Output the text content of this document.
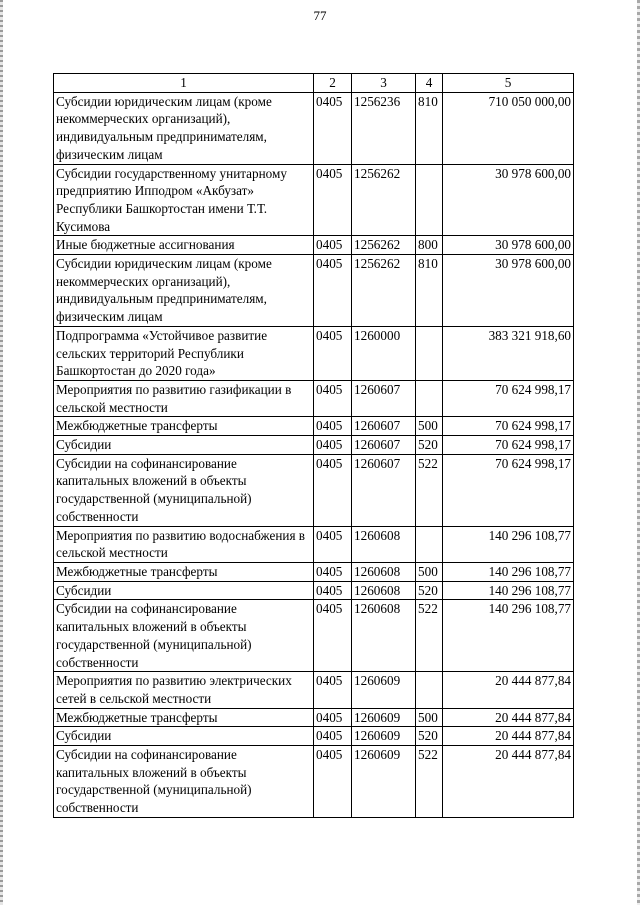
77
1	2	3	4	5
Субсидии юридическим лицам (кроме некоммерческих организаций), индивидуальным предпринимателям, физическим лицам	0405	1256236	810	710 050 000,00
Субсидии государственному унитарному предприятию Ипподром «Акбузат» Республики Башкортостан имени Т.Т. Кусимова	0405	1256262		30 978 600,00
Иные бюджетные ассигнования	0405	1256262	800	30 978 600,00
Субсидии юридическим лицам (кроме некоммерческих организаций), индивидуальным предпринимателям, физическим лицам	0405	1256262	810	30 978 600,00
Подпрограмма «Устойчивое развитие сельских территорий Республики Башкортостан до 2020 года»	0405	1260000		383 321 918,60
Мероприятия по развитию газификации в сельской местности	0405	1260607		70 624 998,17
Межбюджетные трансферты	0405	1260607	500	70 624 998,17
Субсидии	0405	1260607	520	70 624 998,17
Субсидии на софинансирование капитальных вложений в объекты государственной (муниципальной) собственности	0405	1260607	522	70 624 998,17
Мероприятия по развитию водоснабжения в сельской местности	0405	1260608		140 296 108,77
Межбюджетные трансферты	0405	1260608	500	140 296 108,77
Субсидии	0405	1260608	520	140 296 108,77
Субсидии на софинансирование капитальных вложений в объекты государственной (муниципальной) собственности	0405	1260608	522	140 296 108,77
Мероприятия по развитию электрических сетей в сельской местности	0405	1260609		20 444 877,84
Межбюджетные трансферты	0405	1260609	500	20 444 877,84
Субсидии	0405	1260609	520	20 444 877,84
Субсидии на софинансирование капитальных вложений в объекты государственной (муниципальной) собственности	0405	1260609	522	20 444 877,84
